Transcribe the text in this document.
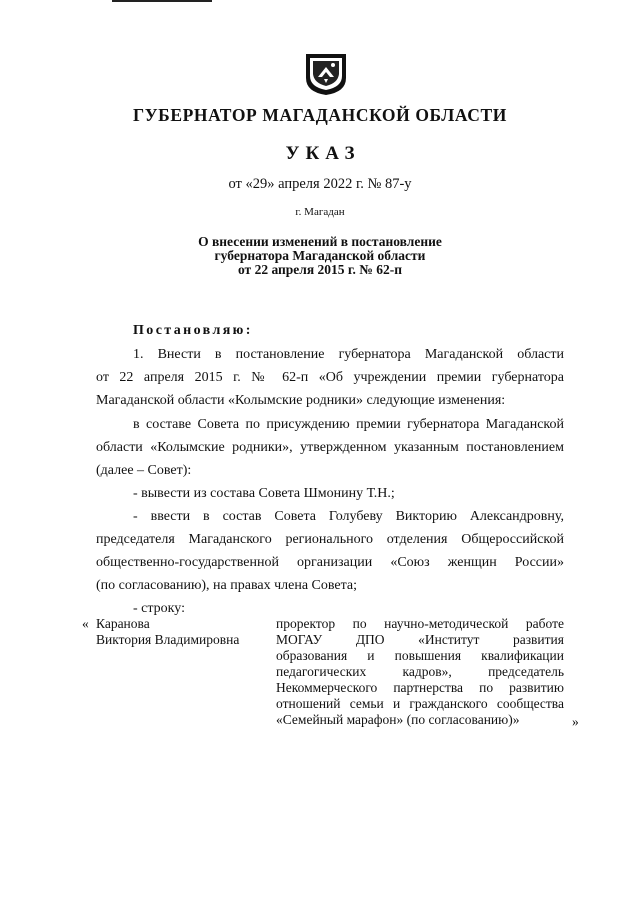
ГУБЕРНАТОР МАГАДАНСКОЙ ОБЛАСТИ
УКАЗ
от «29» апреля 2022 г. № 87-у
г. Магадан
О внесении изменений в постановление
губернатора Магаданской области
от 22 апреля 2015 г. № 62-п
Постановляю:
1. Внести в постановление губернатора Магаданской области
от 22 апреля 2015 г. № 62-п «Об учреждении премии губернатора
Магаданской области «Колымские родники» следующие изменения:
в составе Совета по присуждению премии губернатора Магаданской
области «Колымские родники», утвержденном указанным постановлением
(далее – Совет):
- вывести из состава Совета Шмонину Т.Н.;
- ввести в состав Совета Голубеву Викторию Александровну,
председателя Магаданского регионального отделения Общероссийской
общественно-государственной организации «Союз женщин России»
(по согласованию), на правах члена Совета;
- строку:
« Каранова
Виктория Владимировна
проректор по научно-методической работе
МОГАУ ДПО «Институт развития
образования и повышения квалификации
педагогических кадров», председатель
Некоммерческого партнерства по развитию
отношений семьи и гражданского сообщества
«Семейный марафон» (по согласованию)»	»
